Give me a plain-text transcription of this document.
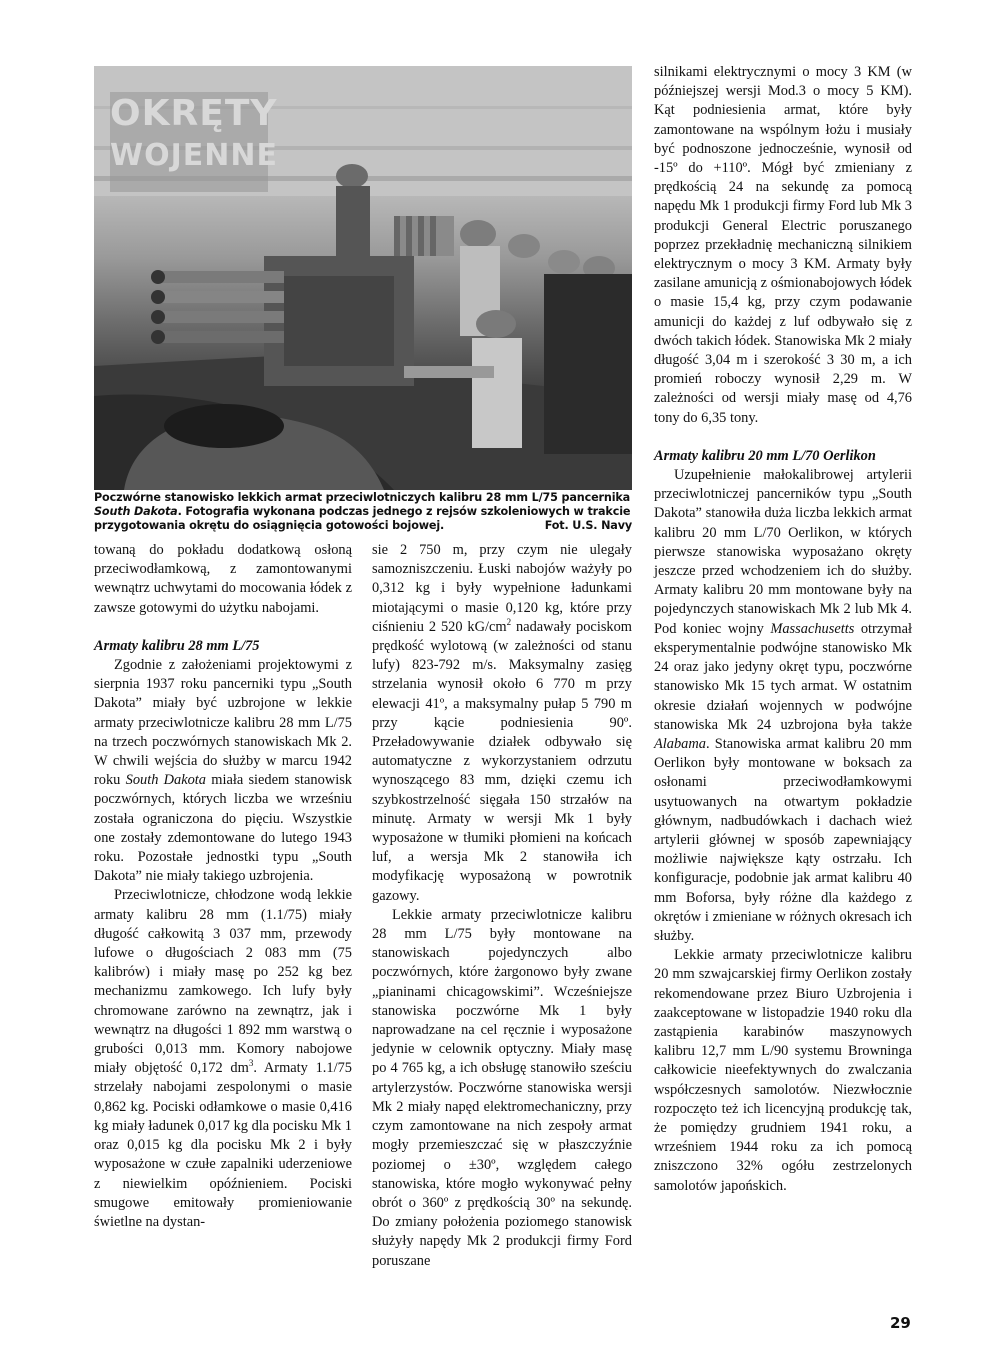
OKRĘTY
WOJENNE
Poczwórne stanowisko lekkich armat przeciwlotniczych kalibru 28 mm L/75 pancernika South Dakota. Fotografia wykonana podczas jednego z rejsów szkoleniowych w trakcie przygotowania okrętu do osiągnięcia gotowości bojowej.	Fot. U.S. Navy

towaną do pokładu dodatkową osłoną przeciwodłamkową, z zamontowanymi wewnątrz uchwytami do mocowania łódek z zawsze gotowymi do użytku nabojami.

Armaty kalibru 28 mm L/75

Zgodnie z założeniami projektowymi z sierpnia 1937 roku pancerniki typu „South Dakota” miały być uzbrojone w lekkie armaty przeciwlotnicze kalibru 28 mm L/75 na trzech poczwórnych stanowiskach Mk 2. W chwili wejścia do służby w marcu 1942 roku South Dakota miała siedem stanowisk poczwórnych, których liczba we wrześniu została ograniczona do pięciu. Wszystkie one zostały zdemontowane do lutego 1943 roku. Pozostałe jednostki typu „South Dakota” nie miały takiego uzbrojenia.

Przeciwlotnicze, chłodzone wodą lekkie armaty kalibru 28 mm (1.1/75) miały długość całkowitą 3 037 mm, przewody lufowe o długościach 2 083 mm (75 kalibrów) i miały masę po 252 kg bez mechanizmu zamkowego. Ich lufy były chromowane zarówno na zewnątrz, jak i wewnątrz na długości 1 892 mm warstwą o grubości 0,013 mm. Komory nabojowe miały objętość 0,172 $dm^3$. Armaty 1.1/75 strzelały nabojami zespolonymi o masie 0,862 kg. Pociski odłamkowe o masie 0,416 kg miały ładunek 0,017 kg dla pocisku Mk 1 oraz 0,015 kg dla pocisku Mk 2 i były wyposażone w czułe zapalniki uderzeniowe z niewielkim opóźnieniem. Pociski smugowe emitowały promieniowanie świetlne na dystan-

sie 2 750 m, przy czym nie ulegały samozniszczeniu. Łuski nabojów ważyły po 0,312 kg i były wypełnione ładunkami miotającymi o masie 0,120 kg, które przy ciśnieniu 2 520 $kG/cm^2$ nadawały pociskom prędkość wylotową (w zależności od stanu lufy) 823-792 m/s. Maksymalny zasięg strzelania wynosił około 6 770 m przy elewacji 41º, a maksymalny pułap 5 790 m przy kącie podniesienia 90º. Przeładowywanie działek odbywało się automatyczne z wykorzystaniem odrzutu wynoszącego 83 mm, dzięki czemu ich szybkostrzelność sięgała 150 strzałów na minutę. Armaty w wersji Mk 1 były wyposażone w tłumiki płomieni na końcach luf, a wersja Mk 2 stanowiła ich modyfikację wyposażoną w powrotnik gazowy.

Lekkie armaty przeciwlotnicze kalibru 28 mm L/75 były montowane na stanowiskach pojedynczych albo poczwórnych, które żargonowo były zwane „pianinami chicagowskimi”. Wcześniejsze stanowiska poczwórne Mk 1 były naprowadzane na cel ręcznie i wyposażone jedynie w celownik optyczny. Miały masę po 4 765 kg, a ich obsługę stanowiło sześciu artylerzystów. Poczwórne stanowiska wersji Mk 2 miały napęd elektromechaniczny, przy czym zamontowane na nich zespoły armat mogły przemieszczać się w płaszczyźnie poziomej o ±30º, względem całego stanowiska, które mogło wykonywać pełny obrót o 360º z prędkością 30º na sekundę. Do zmiany położenia poziomego stanowisk służyły napędy Mk 2 produkcji firmy Ford poruszane

silnikami elektrycznymi o mocy 3 KM (w późniejszej wersji Mod.3 o mocy 5 KM). Kąt podniesienia armat, które były zamontowane na wspólnym łożu i musiały być podnoszone jednocześnie, wynosił od -15º do +110º. Mógł być zmieniany z prędkością 24 na sekundę za pomocą napędu Mk 1 produkcji firmy Ford lub Mk 3 produkcji General Electric poruszanego poprzez przekładnię mechaniczną silnikiem elektrycznym o mocy 3 KM. Armaty były zasilane amunicją z ośmionabojowych łódek o masie 15,4 kg, przy czym podawanie amunicji do każdej z luf odbywało się z dwóch takich łódek. Stanowiska Mk 2 miały długość 3,04 m i szerokość 3 30 m, a ich promień roboczy wynosił 2,29 m. W zależności od wersji miały masę od 4,76 tony do 6,35 tony.

Armaty kalibru 20 mm L/70 Oerlikon

Uzupełnienie małokalibrowej artylerii przeciwlotniczej pancerników typu „South Dakota” stanowiła duża liczba lekkich armat kalibru 20 mm L/70 Oerlikon, w których pierwsze stanowiska wyposażano okręty jeszcze przed wchodzeniem ich do służby. Armaty kalibru 20 mm montowane były na pojedynczych stanowiskach Mk 2 lub Mk 4. Pod koniec wojny Massachusetts otrzymał eksperymentalnie podwójne stanowisko Mk 24 oraz jako jedyny okręt typu, poczwórne stanowisko Mk 15 tych armat. W ostatnim okresie działań wojennych w podwójne stanowiska Mk 24 uzbrojona była także Alabama. Stanowiska armat kalibru 20 mm Oerlikon były montowane w boksach za osłonami przeciwodłamkowymi usytuowanych na otwartym pokładzie głównym, nadbudówkach i dachach wież artylerii głównej w sposób zapewniający możliwie największe kąty ostrzału. Ich konfiguracje, podobnie jak armat kalibru 40 mm Boforsa, były różne dla każdego z okrętów i zmieniane w różnych okresach ich służby.

Lekkie armaty przeciwlotnicze kalibru 20 mm szwajcarskiej firmy Oerlikon zostały rekomendowane przez Biuro Uzbrojenia i zaakceptowane w listopadzie 1940 roku dla zastąpienia karabinów maszynowych kalibru 12,7 mm L/90 systemu Browninga całkowicie nieefektywnych do zwalczania współczesnych samolotów. Niezwłocznie rozpoczęto też ich licencyjną produkcję tak, że pomiędzy grudniem 1941 roku, a wrześniem 1944 roku za ich pomocą zniszczono 32% ogółu zestrzelonych samolotów japońskich.

29
